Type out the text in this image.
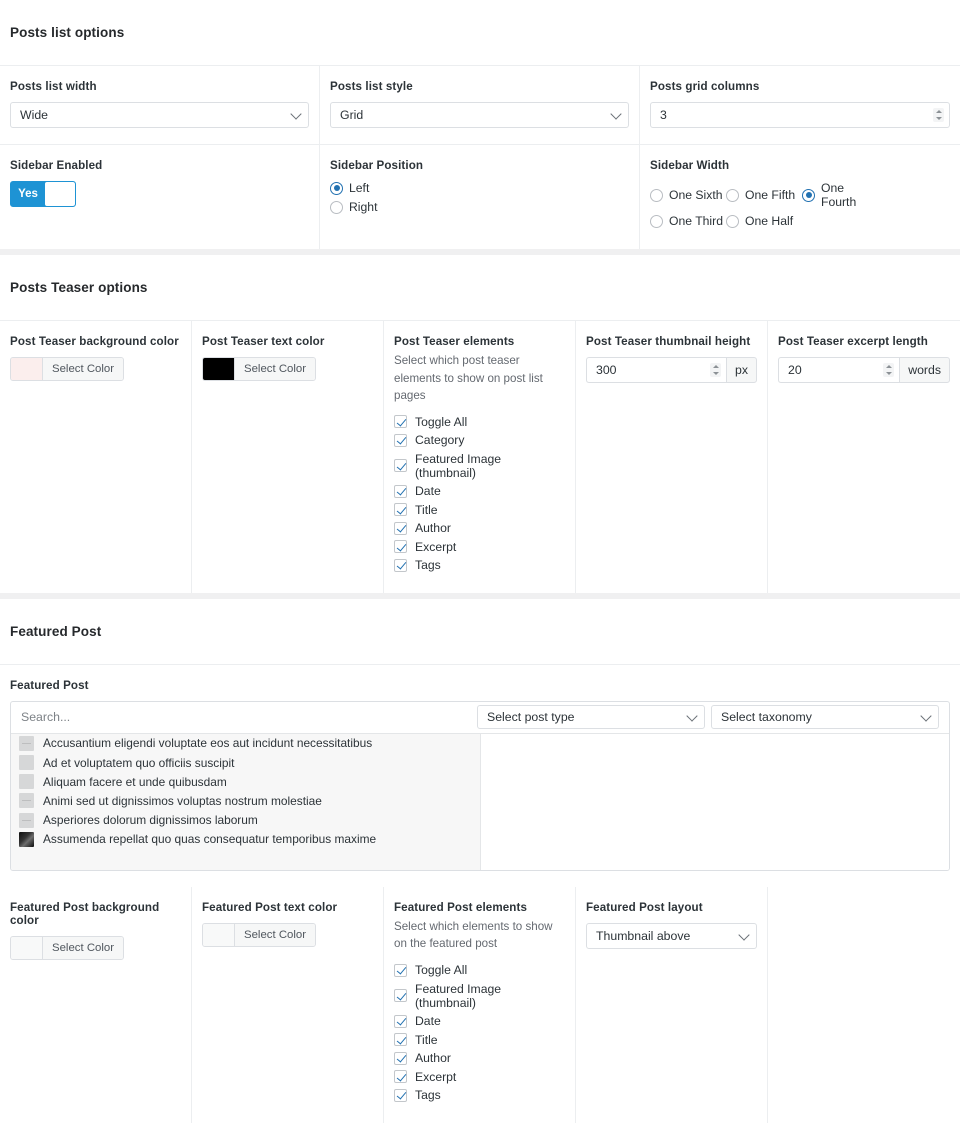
Posts list options
Posts list width
Wide
Posts list style
Grid
Posts grid columns
3
Sidebar Enabled
Yes
Sidebar Position
Left
Right
Sidebar Width
One Sixth One Fifth One Fourth
One Third One Half
Posts Teaser options
Post Teaser background color
Select Color
Post Teaser text color
Select Color
Post Teaser elements
Select which post teaser elements to show on post list pages
Toggle All
Category
Featured Image (thumbnail)
Date
Title
Author
Excerpt
Tags
Post Teaser thumbnail height
300	px
Post Teaser excerpt length
20	words
Featured Post
Featured Post
Search...	Select post type	Select taxonomy
Accusantium eligendi voluptate eos aut incidunt necessitatibus
Ad et voluptatem quo officiis suscipit
Aliquam facere et unde quibusdam
Animi sed ut dignissimos voluptas nostrum molestiae
Asperiores dolorum dignissimos laborum
Assumenda repellat quo quas consequatur temporibus maxime
Featured Post background color
Select Color
Featured Post text color
Select Color
Featured Post elements
Select which elements to show on the featured post
Toggle All
Featured Image (thumbnail)
Date
Title
Author
Excerpt
Tags
Featured Post layout
Thumbnail above
